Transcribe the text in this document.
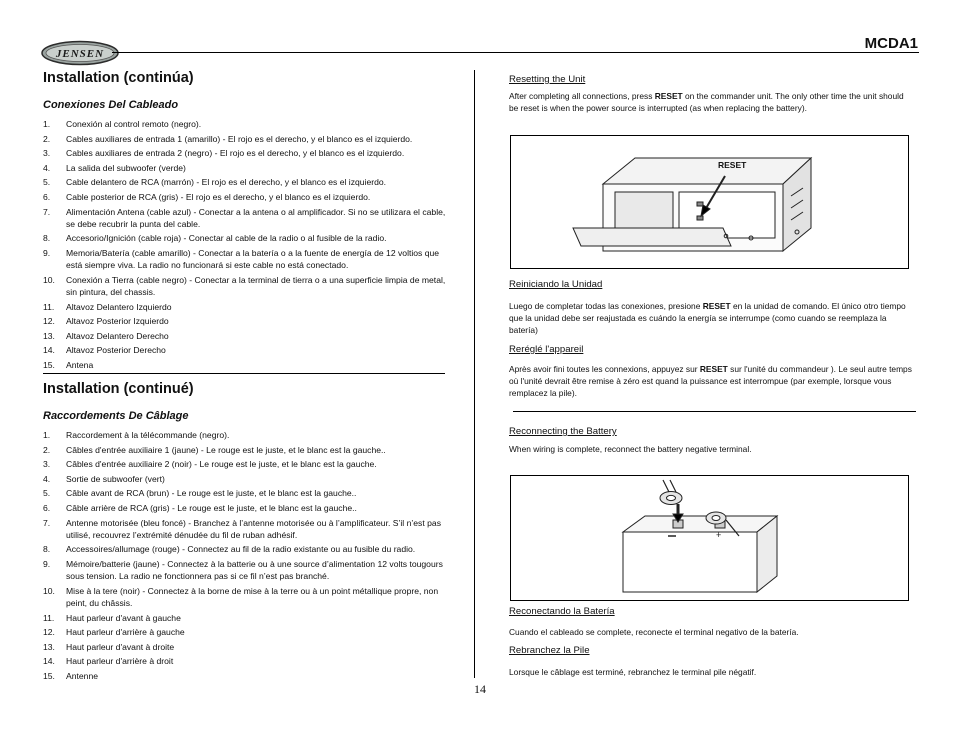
JENSEN
MCDA1
Installation (continúa)
Conexiones Del Cableado
1. Conexión al control remoto (negro).
2. Cables auxiliares de entrada 1 (amarillo) - El rojo es el derecho, y el blanco es el izquierdo.
3. Cables auxiliares de entrada 2 (negro) - El rojo es el derecho, y el blanco es el izquierdo.
4. La salida del subwoofer (verde)
5. Cable delantero de RCA (marrón) - El rojo es el derecho, y el blanco es el izquierdo.
6. Cable posterior de RCA (gris) - El rojo es el derecho, y el blanco es el izquierdo.
7. Alimentación Antena (cable azul) - Conectar a la antena o al amplificador. Si no se utilizara el cable, se debe recubrir la punta del cable.
8. Accesorio/Ignición (cable roja) - Conectar al cable de la radio o al fusible de la radio.
9. Memoria/Batería (cable amarillo) - Conectar a la batería o a la fuente de energía de 12 voltios que está siempre viva. La radio no funcionará si este cable no está conectado.
10. Conexión a Tierra (cable negro) - Conectar a la terminal de tierra o a una superficie limpia de metal, sin pintura, del chassis.
11. Altavoz Delantero Izquierdo
12. Altavoz Posterior Izquierdo
13. Altavoz Delantero Derecho
14. Altavoz Posterior Derecho
15. Antena
Installation (continué)
Raccordements De Câblage
1. Raccordement à la télécommande (negro).
2. Câbles d'entrée auxiliaire 1 (jaune) - Le rouge est le juste, et le blanc est la gauche..
3. Câbles d'entrée auxiliaire 2 (noir) - Le rouge est le juste, et le blanc est la gauche.
4. Sortie de subwoofer (vert)
5. Câble avant de RCA (brun) - Le rouge est le juste, et le blanc est la gauche..
6. Câble arrière de RCA (gris) - Le rouge est le juste, et le blanc est la gauche..
7. Antenne motorisée (bleu foncé) - Branchez à l’antenne motorisée ou à l’amplificateur. S’il n’est pas utilisé, recouvrez l’extrémité dénudée du fil de ruban adhésif.
8. Accessoires/allumage (rouge) - Connectez au fil de la radio existante ou au fusible du radio.
9. Mémoire/batterie (jaune) - Connectez à la batterie ou à une source d’alimentation 12 volts tougours sous tension. La radio ne fonctionnera pas si ce fil n’est pas branché.
10. Mise à la tere (noir) - Connectez à la borne de mise à la terre ou à un point métallique propre, non peint, du châssis.
11. Haut parleur d'avant à gauche
12. Haut parleur d'arrière à gauche
13. Haut parleur d'avant à droite
14. Haut parleur d'arrière à droit
15. Antenne
Resetting the Unit
After completing all connections, press RESET on the commander unit. The only other time the unit should be reset is when the power source is interrupted (as when replacing the battery).
RESET
Reiniciando la Unidad
Luego de completar todas las conexiones, presione RESET en la unidad de comando. El único otro tiempo que la unidad debe ser reajustada es cuándo la energía se interrumpe (como cuando se reemplaza la batería)
Reréglé l'appareil
Après avoir fini toutes les connexions, appuyez sur RESET sur l'unité du commandeur ). Le seul autre temps où l'unité devrait être remise à zéro est quand la puissance est interrompue (par exemple, lorsque vous remplacez la pile).
Reconnecting the Battery
When wiring is complete, reconnect the battery negative terminal.
+
Reconectando la Batería
Cuando el cableado se complete, reconecte el terminal negativo de la batería.
Rebranchez la Pile
Lorsque le câblage est terminé, rebranchez le terminal pile négatif.
14
